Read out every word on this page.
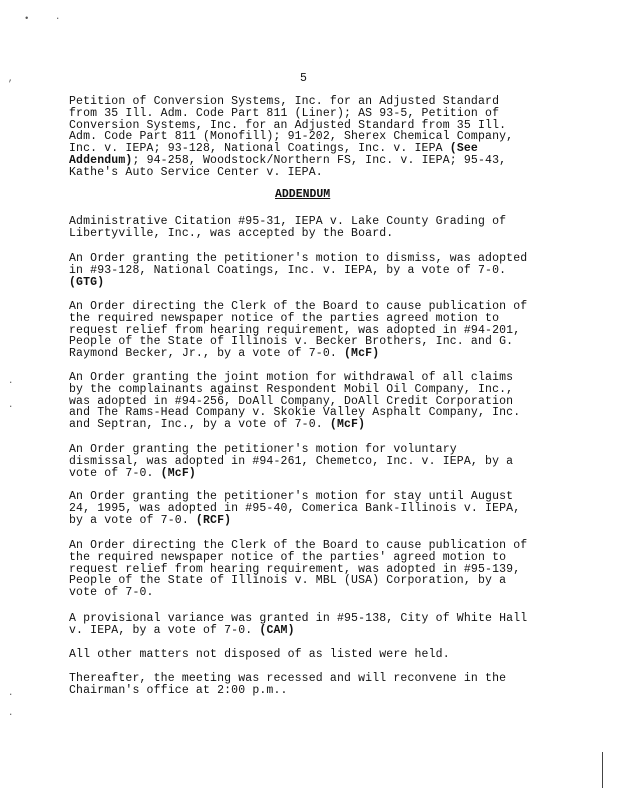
•	·
,
·
·
·
·
5
Petition of Conversion Systems, Inc. for an Adjusted Standard
from 35 Ill. Adm. Code Part 811 (Liner); AS 93-5, Petition of
Conversion Systems, Inc. for an Adjusted Standard from 35 Ill.
Adm. Code Part 811 (Monofill); 91-202, Sherex Chemical Company,
Inc. v. IEPA; 93-128, National Coatings, Inc. v. IEPA (See
Addendum); 94-258, Woodstock/Northern FS, Inc. v. IEPA; 95-43,
Kathe's Auto Service Center v. IEPA.
ADDENDUM
Administrative Citation #95-31, IEPA v. Lake County Grading of
Libertyville, Inc., was accepted by the Board.
An Order granting the petitioner's motion to dismiss, was adopted
in #93-128, National Coatings, Inc. v. IEPA, by a vote of 7-0.
(GTG)
An Order directing the Clerk of the Board to cause publication of
the required newspaper notice of the parties agreed motion to
request relief from hearing requirement, was adopted in #94-201,
People of the State of Illinois v. Becker Brothers, Inc. and G.
Raymond Becker, Jr., by a vote of 7-0. (McF)
An Order granting the joint motion for withdrawal of all claims
by the complainants against Respondent Mobil Oil Company, Inc.,
was adopted in #94-256, DoAll Company, DoAll Credit Corporation
and The Rams-Head Company v. Skokie Valley Asphalt Company, Inc.
and Septran, Inc., by a vote of 7-0. (McF)
An Order granting the petitioner's motion for voluntary
dismissal, was adopted in #94-261, Chemetco, Inc. v. IEPA, by a
vote of 7-0. (McF)
An Order granting the petitioner's motion for stay until August
24, 1995, was adopted in #95-40, Comerica Bank-Illinois v. IEPA,
by a vote of 7-0. (RCF)
An Order directing the Clerk of the Board to cause publication of
the required newspaper notice of the parties' agreed motion to
request relief from hearing requirement, was adopted in #95-139,
People of the State of Illinois v. MBL (USA) Corporation, by a
vote of 7-0.
A provisional variance was granted in #95-138, City of White Hall
v. IEPA, by a vote of 7-0. (CAM)
All other matters not disposed of as listed were held.
Thereafter, the meeting was recessed and will reconvene in the
Chairman's office at 2:00 p.m..
